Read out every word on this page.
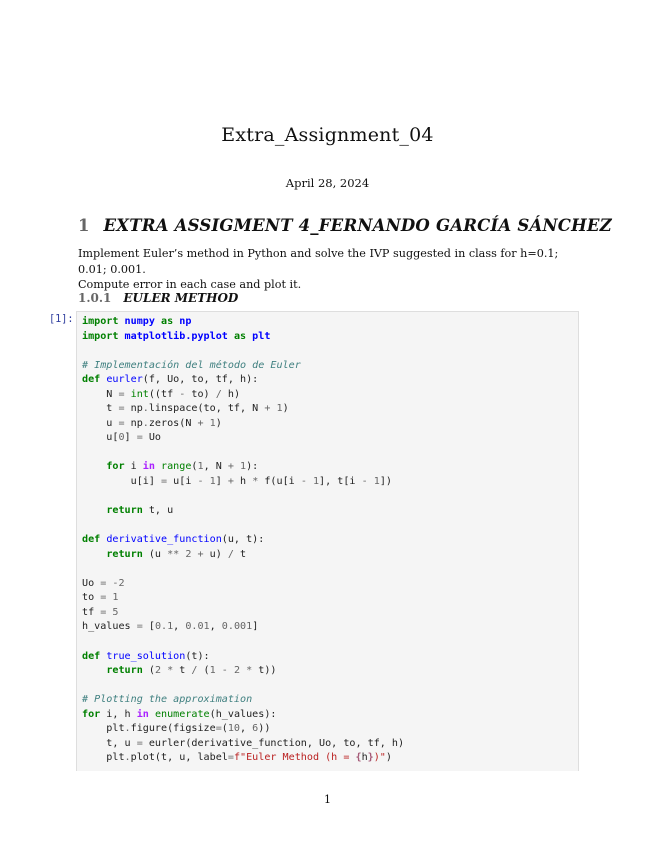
Extra_Assignment_04
April 28, 2024
1 EXTRA ASSIGMENT 4_FERNANDO GARCÍA SÁNCHEZ

Implement Euler’s method in Python and solve the IVP suggested in class for h=0.1; 0.01; 0.001.
Compute error in each case and plot it.

1.0.1 EULER METHOD
[1]: import numpy as np
import matplotlib.pyplot as plt
# Implementación del método de Euler
def eurler(f, Uo, to, tf, h):
N = int((tf - to) / h)
t = np.linspace(to, tf, N + 1)
u = np.zeros(N + 1)
u[0] = Uo
for i in range(1, N + 1):
u[i] = u[i - 1] + h * f(u[i - 1], t[i - 1])
return t, u
def derivative_function(u, t):
return (u ** 2 + u) / t
Uo = -2
to = 1
tf = 5
h_values = [0.1, 0.01, 0.001]
def true_solution(t):
return (2 * t / (1 - 2 * t))
# Plotting the approximation
for i, h in enumerate(h_values):
plt.figure(figsize=(10, 6))
t, u = eurler(derivative_function, Uo, to, tf, h)
plt.plot(t, u, label=f"Euler Method (h = {h})")
1
